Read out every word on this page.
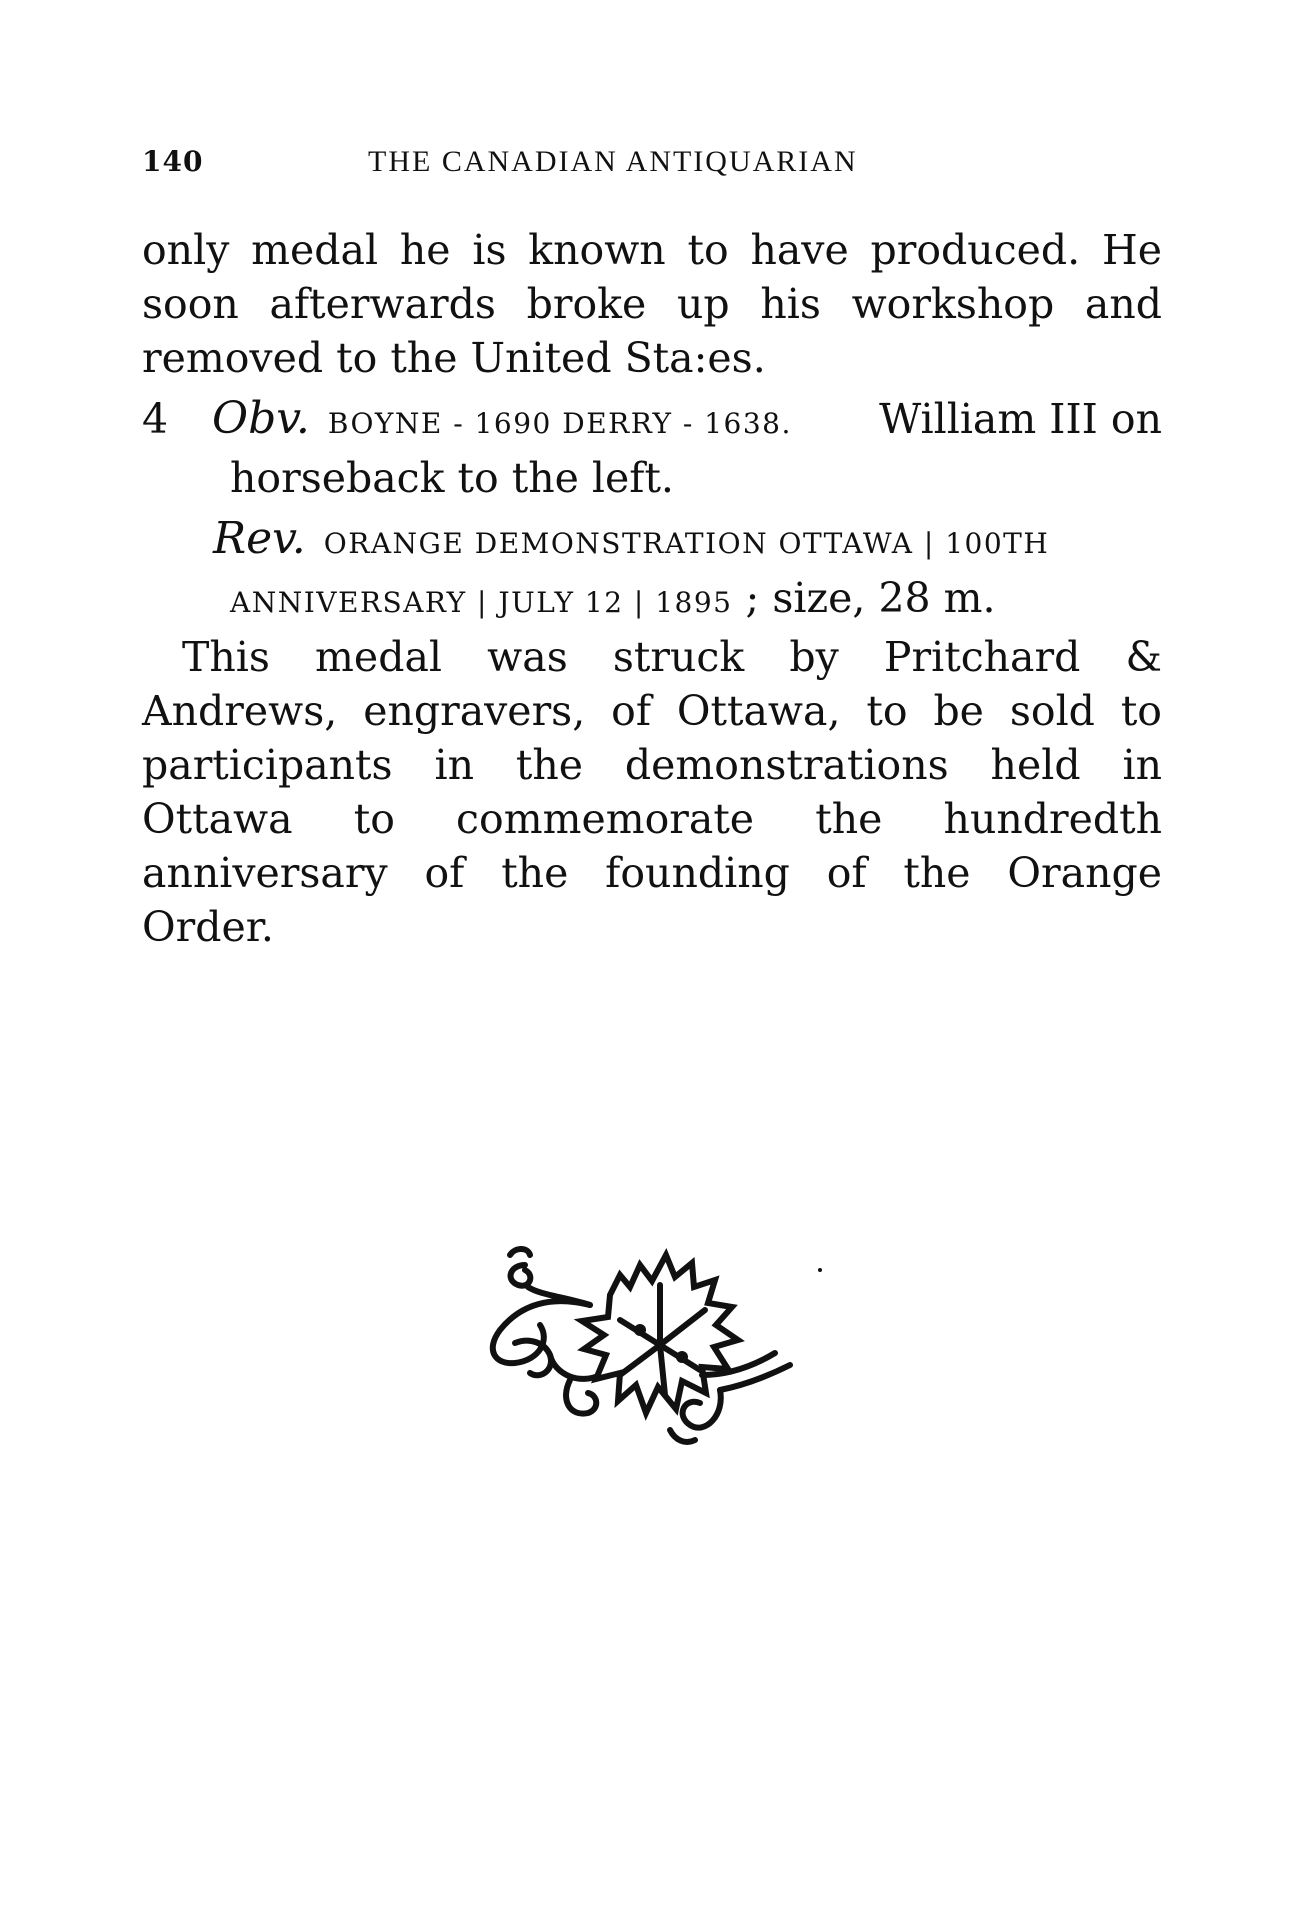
140	THE CANADIAN ANTIQUARIAN

only medal he is known to have produced. He soon afterwards broke up his workshop and removed to the United Sta:es.

4 Obv. BOYNE - 1690 DERRY - 1638. William III on
horseback to the left.
Rev. ORANGE DEMONSTRATION OTTAWA | 100TH
ANNIVERSARY | JULY 12 | 1895 ; size, 28 m.

This medal was struck by Pritchard & Andrews, engravers, of Ottawa, to be sold to participants in the demonstrations held in Ottawa to commemorate the hundredth anniversary of the founding of the Orange Order.
